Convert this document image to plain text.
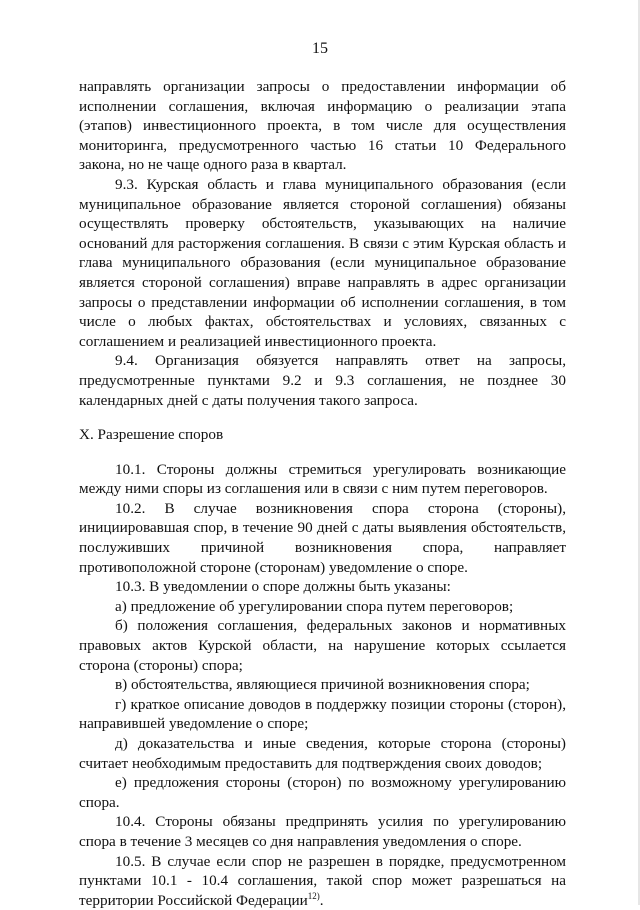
15

направлять организации запросы о предоставлении информации об исполнении соглашения, включая информацию о реализации этапа (этапов) инвестиционного проекта, в том числе для осуществления мониторинга, предусмотренного частью 16 статьи 10 Федерального закона, но не чаще одного раза в квартал.

9.3. Курская область и глава муниципального образования (если муниципальное образование является стороной соглашения) обязаны осуществлять проверку обстоятельств, указывающих на наличие оснований для расторжения соглашения. В связи с этим Курская область и глава муниципального образования (если муниципальное образование является стороной соглашения) вправе направлять в адрес организации запросы о представлении информации об исполнении соглашения, в том числе о любых фактах, обстоятельствах и условиях, связанных с соглашением и реализацией инвестиционного проекта.

9.4. Организация обязуется направлять ответ на запросы, предусмотренные пунктами 9.2 и 9.3 соглашения, не позднее 30 календарных дней с даты получения такого запроса.

X. Разрешение споров

10.1. Стороны должны стремиться урегулировать возникающие между ними споры из соглашения или в связи с ним путем переговоров.

10.2. В случае возникновения спора сторона (стороны), инициировавшая спор, в течение 90 дней с даты выявления обстоятельств, послуживших причиной возникновения спора, направляет противоположной стороне (сторонам) уведомление о споре.

10.3. В уведомлении о споре должны быть указаны:

а) предложение об урегулировании спора путем переговоров;

б) положения соглашения, федеральных законов и нормативных правовых актов Курской области, на нарушение которых ссылается сторона (стороны) спора;

в) обстоятельства, являющиеся причиной возникновения спора;

г) краткое описание доводов в поддержку позиции стороны (сторон), направившей уведомление о споре;

д) доказательства и иные сведения, которые сторона (стороны) считает необходимым предоставить для подтверждения своих доводов;

е) предложения стороны (сторон) по возможному урегулированию спора.

10.4. Стороны обязаны предпринять усилия по урегулированию спора в течение 3 месяцев со дня направления уведомления о споре.

10.5. В случае если спор не разрешен в порядке, предусмотренном пунктами 10.1 - 10.4 соглашения, такой спор может разрешаться на территории Российской Федерации$^{12)}$.
